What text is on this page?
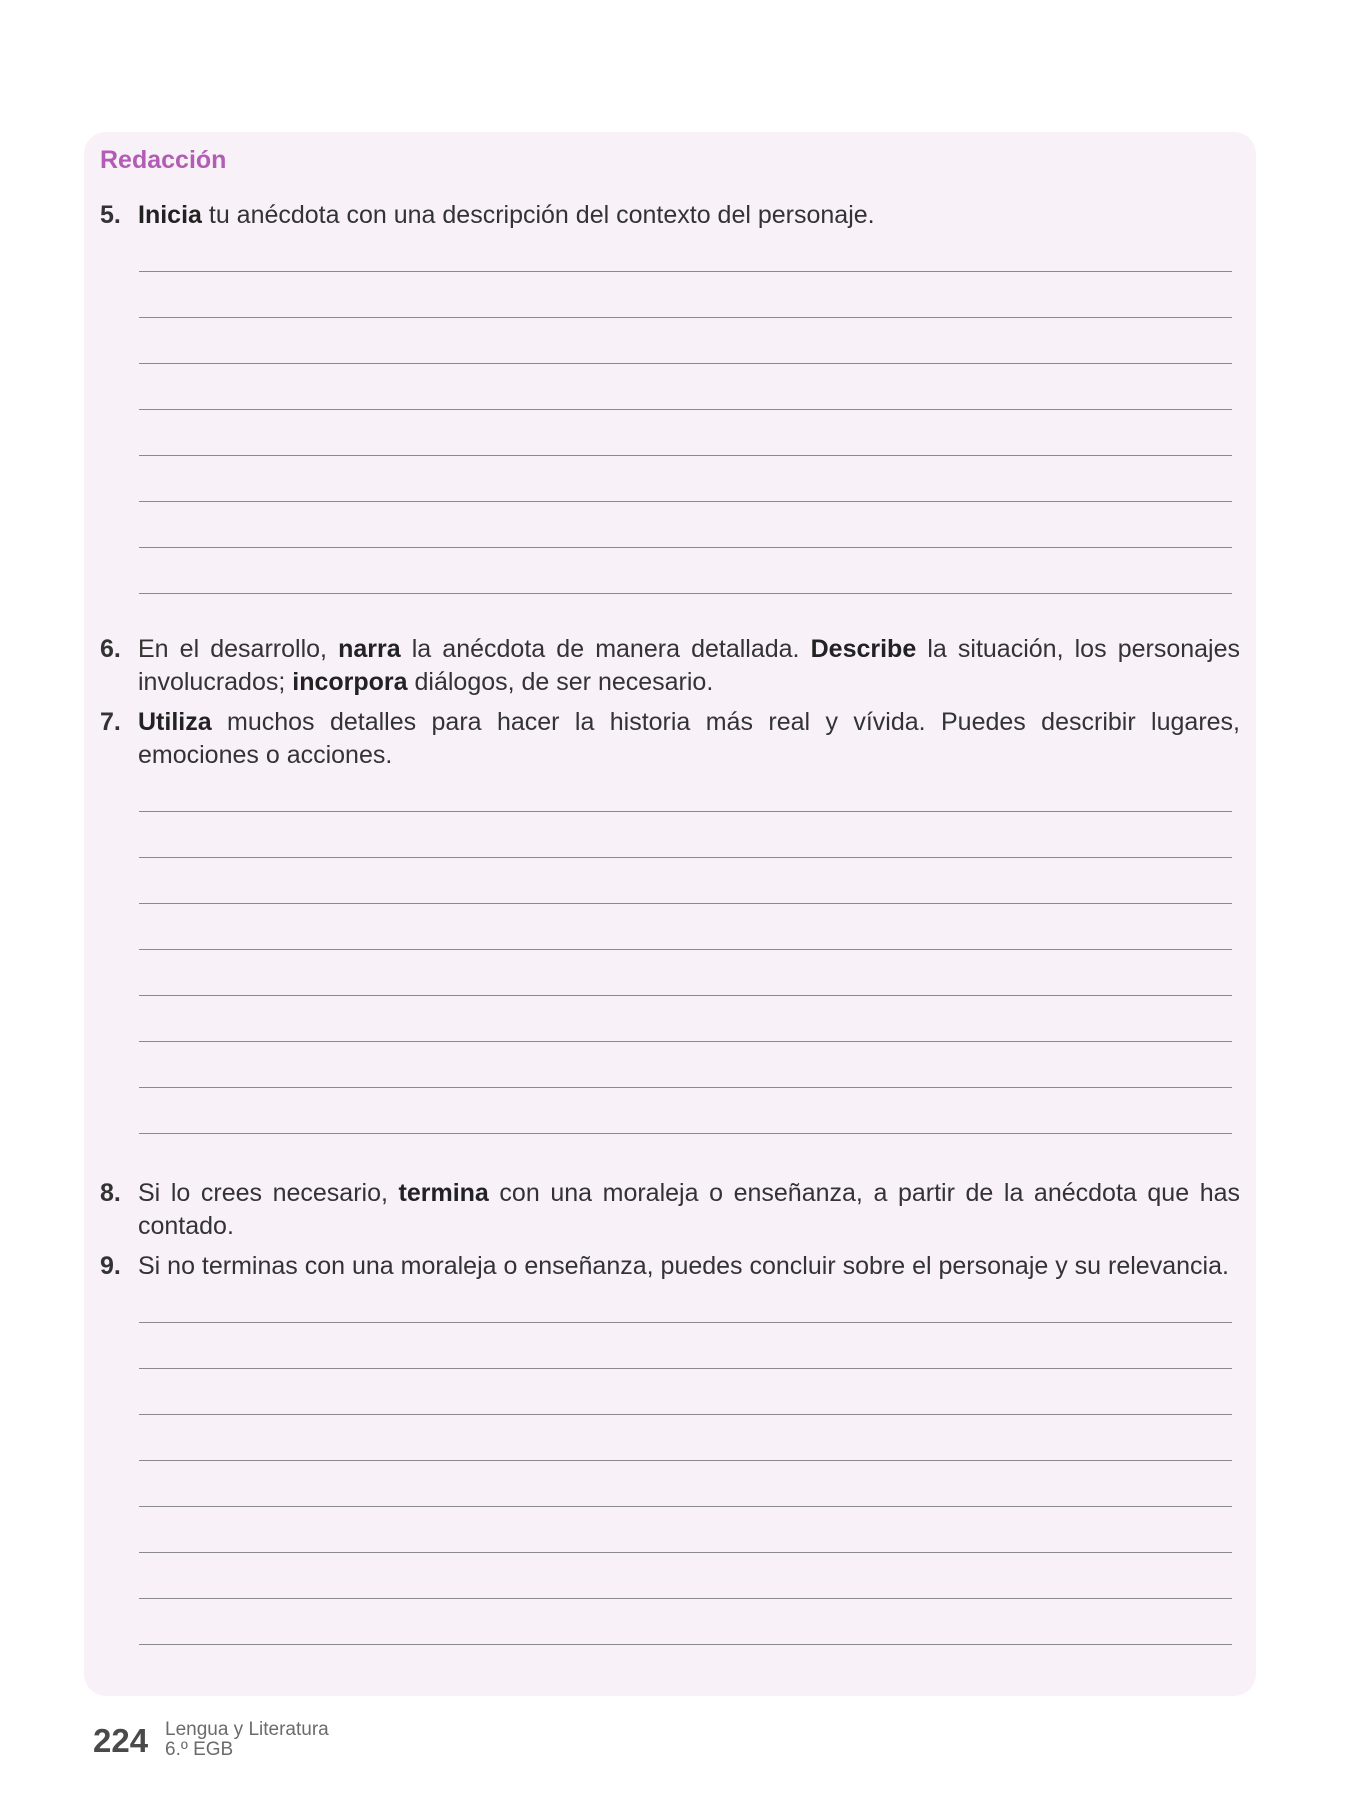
Redacción
5. Inicia tu anécdota con una descripción del contexto del personaje.
6. En el desarrollo, narra la anécdota de manera detallada. Describe la situación, los personajes involucrados; incorpora diálogos, de ser necesario.
7. Utiliza muchos detalles para hacer la historia más real y vívida. Puedes describir lugares, emociones o acciones.
8. Si lo crees necesario, termina con una moraleja o enseñanza, a partir de la anécdota que has contado.
9. Si no terminas con una moraleja o enseñanza, puedes concluir sobre el personaje y su relevancia.
224 Lengua y Literatura
6.º EGB
